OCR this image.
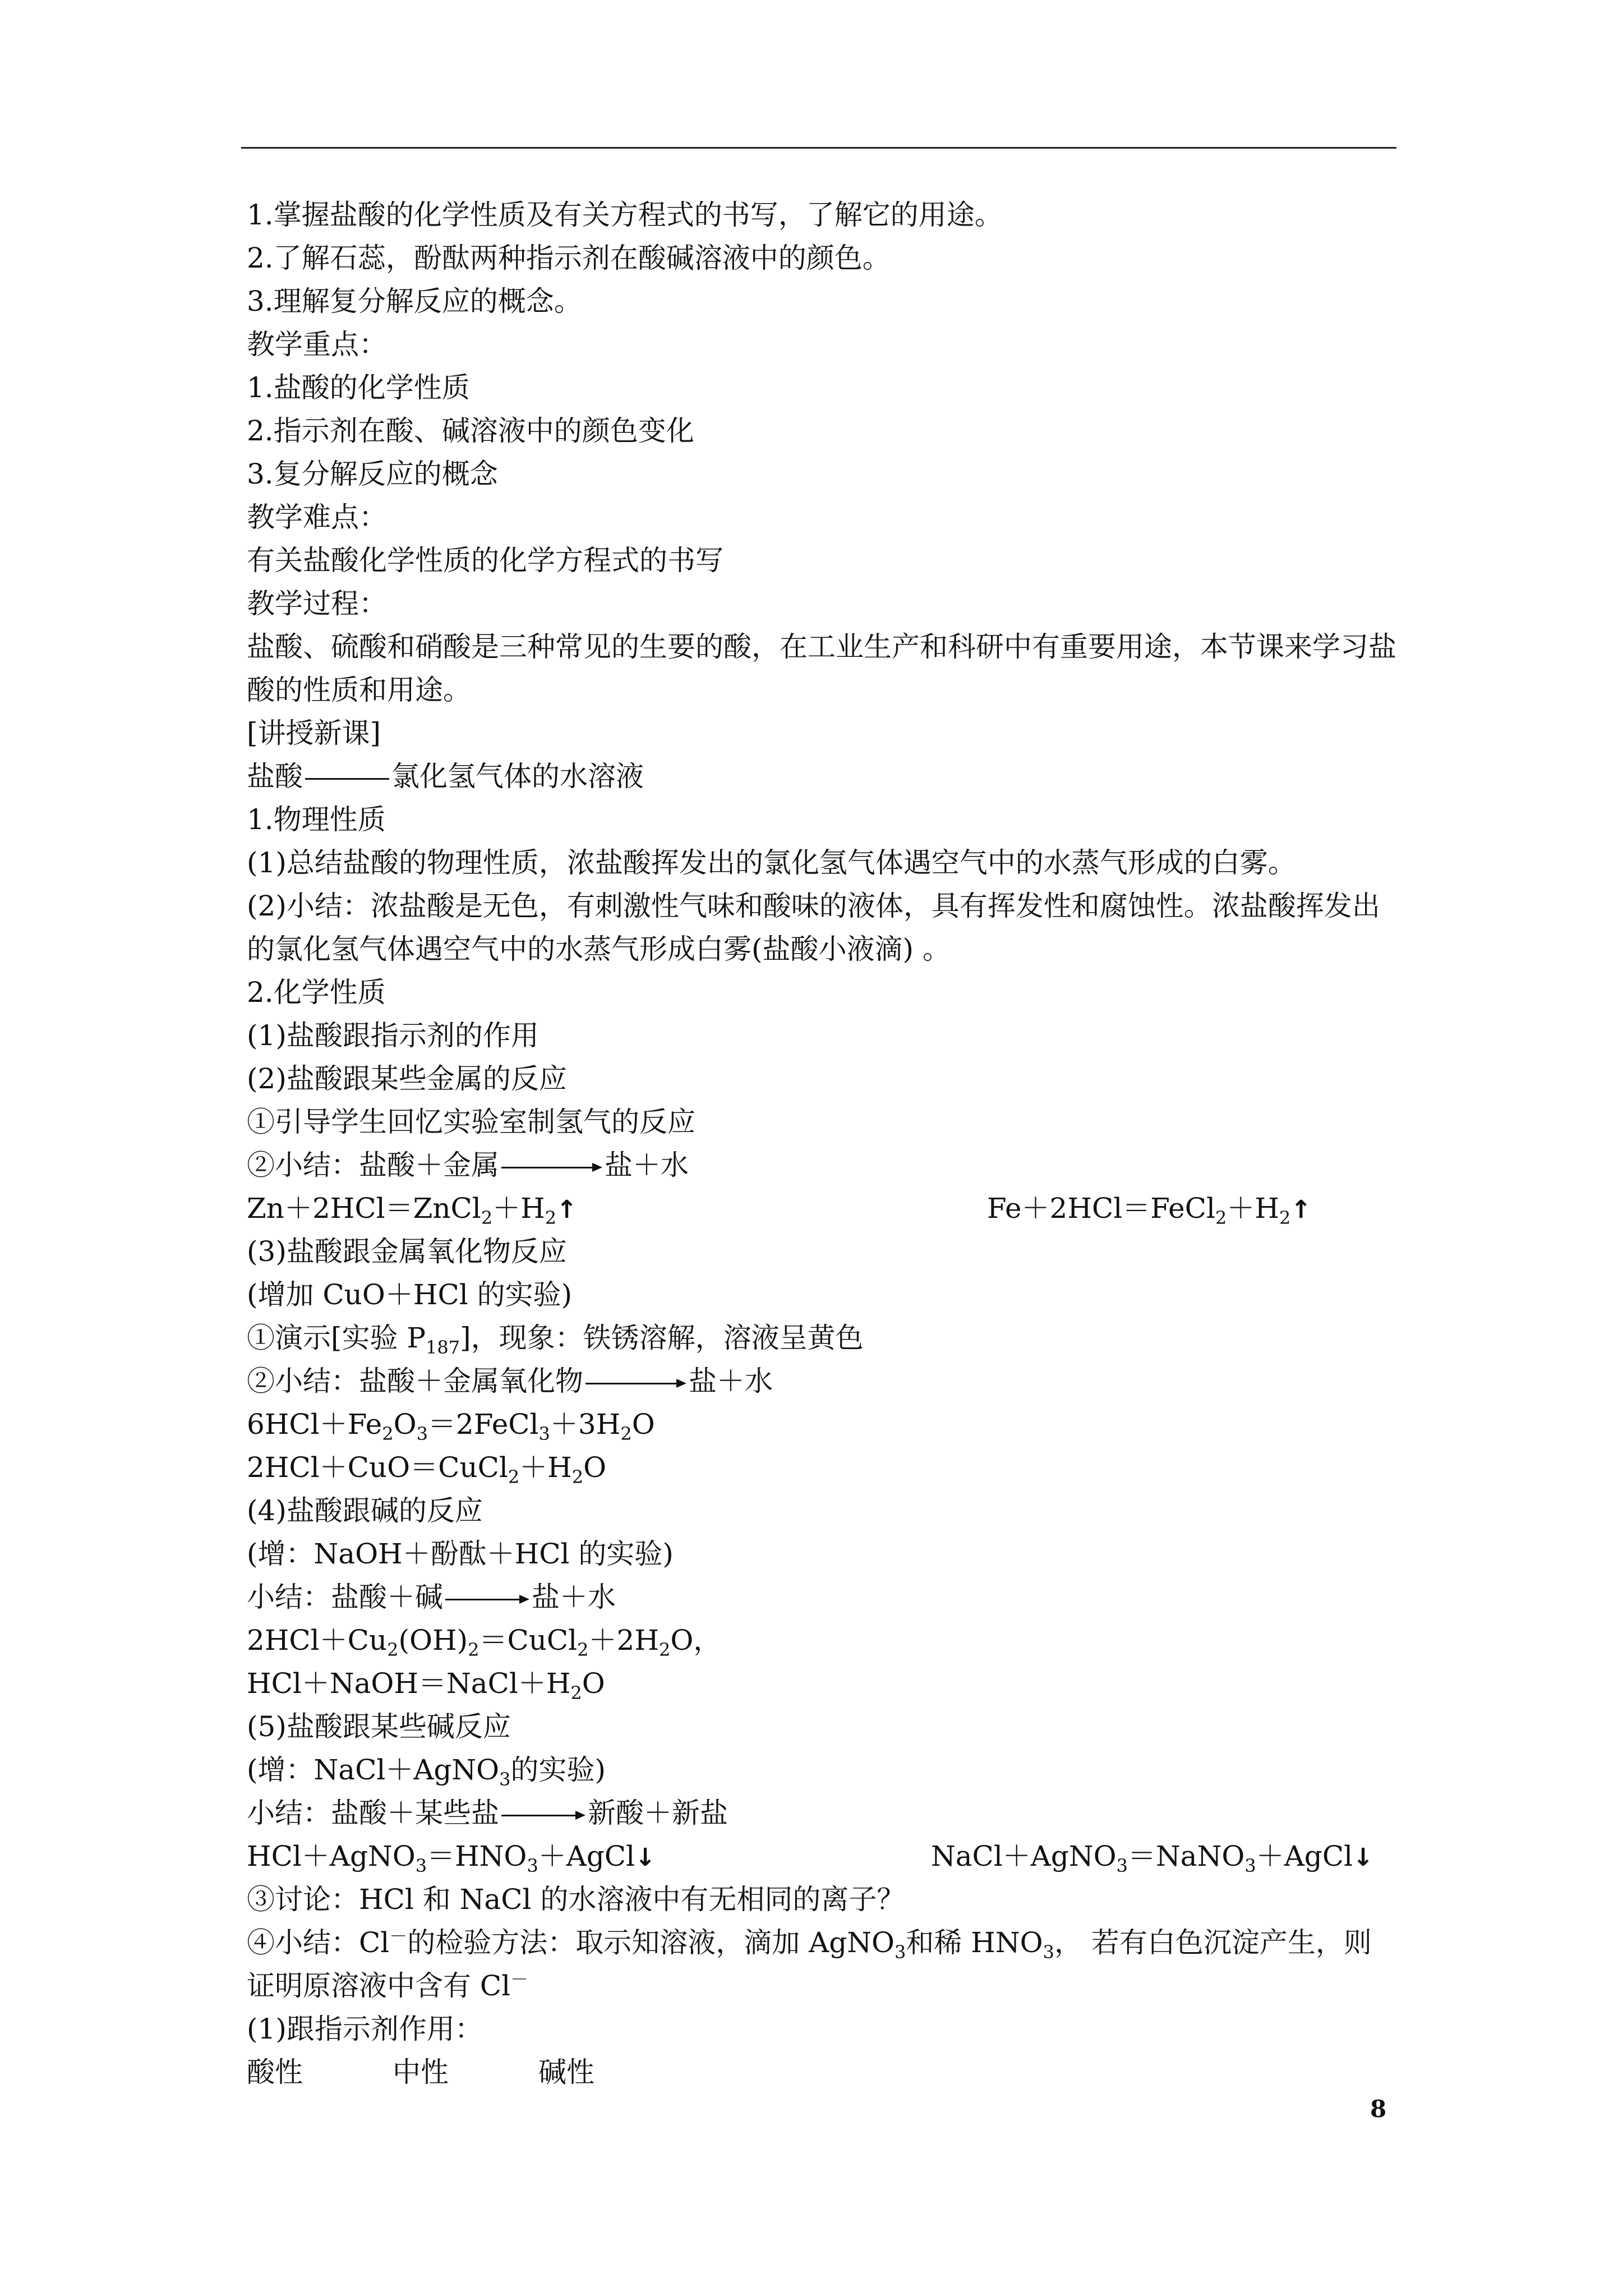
1.掌握盐酸的化学性质及有关方程式的书写，了解它的用途。
2.了解石蕊，酚酞两种指示剂在酸碱溶液中的颜色。
3.理解复分解反应的概念。
教学重点：
1.盐酸的化学性质
2.指示剂在酸、碱溶液中的颜色变化
3.复分解反应的概念
教学难点：
有关盐酸化学性质的化学方程式的书写
教学过程：
盐酸、硫酸和硝酸是三种常见的生要的酸，在工业生产和科研中有重要用途，本节课来学习盐酸的性质和用途。
[讲授新课]
盐酸	氯化氢气体的水溶液
1.物理性质
(1)总结盐酸的物理性质，浓盐酸挥发出的氯化氢气体遇空气中的水蒸气形成的白雾。
(2)小结：浓盐酸是无色，有刺激性气味和酸味的液体，具有挥发性和腐蚀性。浓盐酸挥发出的氯化氢气体遇空气中的水蒸气形成白雾(盐酸小液滴) 。
2.化学性质
(1)盐酸跟指示剂的作用
(2)盐酸跟某些金属的反应
①引导学生回忆实验室制氢气的反应
②小结：盐酸＋金属	盐＋水
$Zn+2HCl=ZnCl_2+H_2↑$	$Fe+2HCl=FeCl_2+H_2↑$
(3)盐酸跟金属氧化物反应
(增加 CuO＋HCl 的实验)
①演示[实验 $P_{187}$]，现象：铁锈溶解，溶液呈黄色
②小结：盐酸＋金属氧化物	盐＋水
$6HCl+Fe_2O_3=2FeCl_3+3H_2O$
$2HCl+CuO=CuCl_2+H_2O$
(4)盐酸跟碱的反应
(增：NaOH＋酚酞＋HCl 的实验)
小结：盐酸＋碱	盐＋水
$2HCl+Cu_2(OH)_2=CuCl_2+2H_2O$，
$HCl+NaOH=NaCl+H_2O$
(5)盐酸跟某些碱反应
(增：NaCl＋AgNO$_3$的实验)
小结：盐酸＋某些盐	新酸＋新盐
$HCl+AgNO_3=HNO_3+AgCl↓$	NaCl＋AgNO$_3$＝NaNO$_3$＋AgCl↓
③讨论：HCl 和 NaCl 的水溶液中有无相同的离子？
④小结：Cl－的检验方法：取示知溶液，滴加 AgNO$_3$和稀 $HNO_3$， 若有白色沉淀产生，则证明原溶液中含有 Cl－
(1)跟指示剂作用：
酸性	中性	碱性
8
